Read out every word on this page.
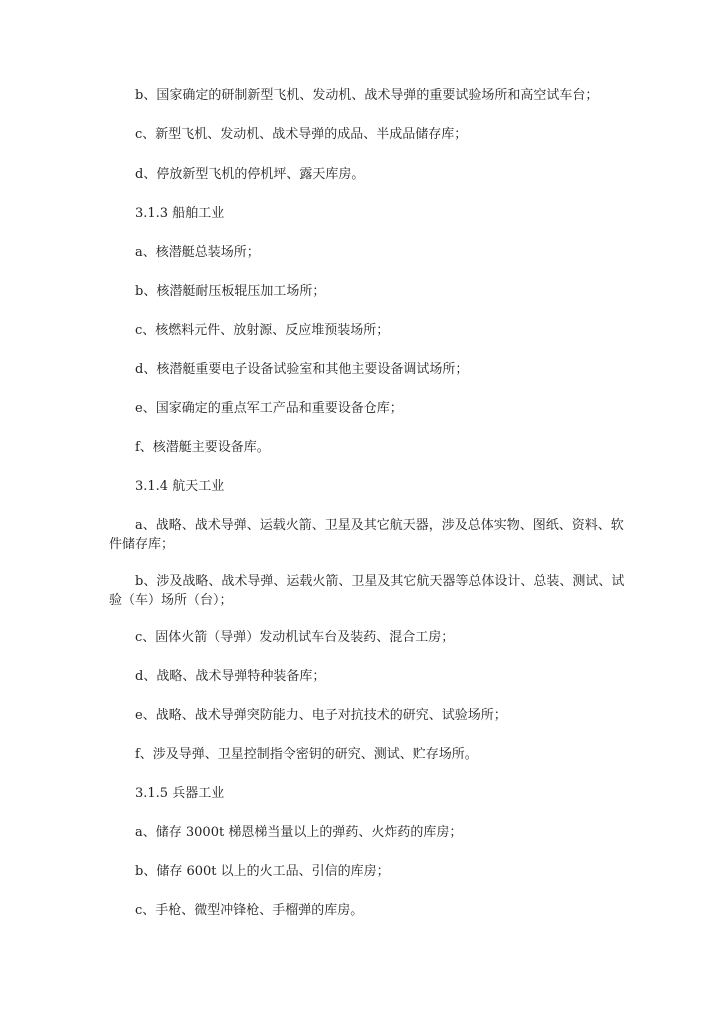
b、国家确定的研制新型飞机、发动机、战术导弹的重要试验场所和高空试车台；
c、新型飞机、发动机、战术导弹的成品、半成品储存库；
d、停放新型飞机的停机坪、露天库房。
3.1.3 船舶工业
a、核潜艇总装场所；
b、核潜艇耐压板辊压加工场所；
c、核燃料元件、放射源、反应堆预装场所；
d、核潜艇重要电子设备试验室和其他主要设备调试场所；
e、国家确定的重点军工产品和重要设备仓库；
f、核潜艇主要设备库。
3.1.4 航天工业
a、战略、战术导弹、运载火箭、卫星及其它航天器，涉及总体实物、图纸、资料、软
件储存库；
b、涉及战略、战术导弹、运载火箭、卫星及其它航天器等总体设计、总装、测试、试
验（车）场所（台）；
c、固体火箭（导弹）发动机试车台及装药、混合工房；
d、战略、战术导弹特种装备库；
e、战略、战术导弹突防能力、电子对抗技术的研究、试验场所；
f、涉及导弹、卫星控制指令密钥的研究、测试、贮存场所。
3.1.5 兵器工业
a、储存 3000t 梯恩梯当量以上的弹药、火炸药的库房；
b、储存 600t 以上的火工品、引信的库房；
c、手枪、微型冲锋枪、手榴弹的库房。
